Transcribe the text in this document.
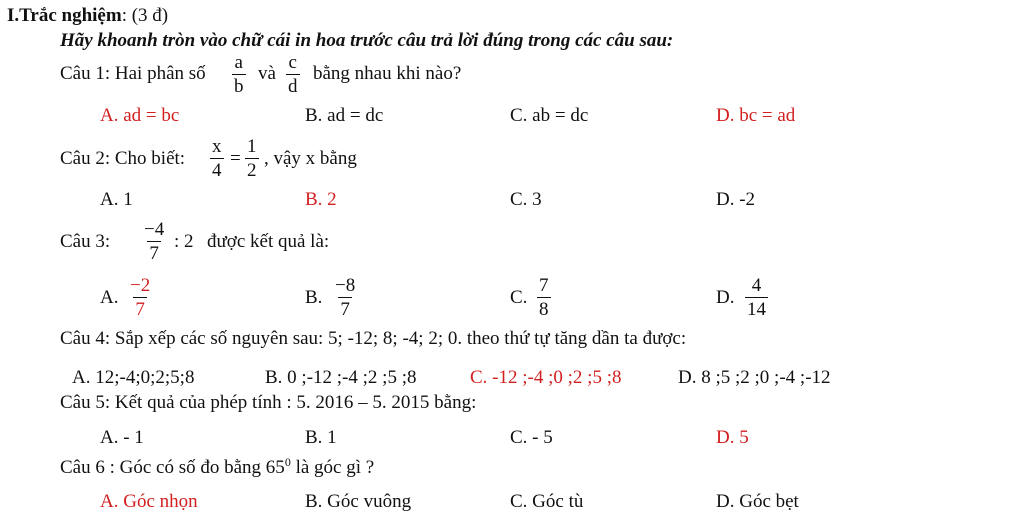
I.Trắc nghiệm: (3 đ)
Hãy khoanh tròn vào chữ cái in hoa trước câu trả lời đúng trong các câu sau:
Câu 1: Hai phân số $\frac{a}{b}$ và $\frac{c}{d}$ bằng nhau khi nào?
A. ad = bc	B. ad = dc	C. ab = dc	D. bc = ad
Câu 2: Cho biết: $\frac{x}{4} = \frac{1}{2}$ , vậy x bằng
A. 1	B. 2	C. 3	D. -2
Câu 3: $\frac{-4}{7}$ : 2 được kết quả là:
A. $\frac{-2}{7}$	B. $\frac{-8}{7}$	C. $\frac{7}{8}$	D. $\frac{4}{14}$
Câu 4: Sắp xếp các số nguyên sau: 5; -12; 8; -4; 2; 0. theo thứ tự tăng dần ta được:
A. 12;-4;0;2;5;8	B. 0 ;-12 ;-4 ;2 ;5 ;8	C. -12 ;-4 ;0 ;2 ;5 ;8	D. 8 ;5 ;2 ;0 ;-4 ;-12
Câu 5: Kết quả của phép tính : 5. 2016 – 5. 2015 bằng:
A. - 1	B. 1	C. - 5	D. 5
Câu 6 : Góc có số đo bằng $65^0$ là góc gì ?
A. Góc nhọn	B. Góc vuông	C. Góc tù	D. Góc bẹt
